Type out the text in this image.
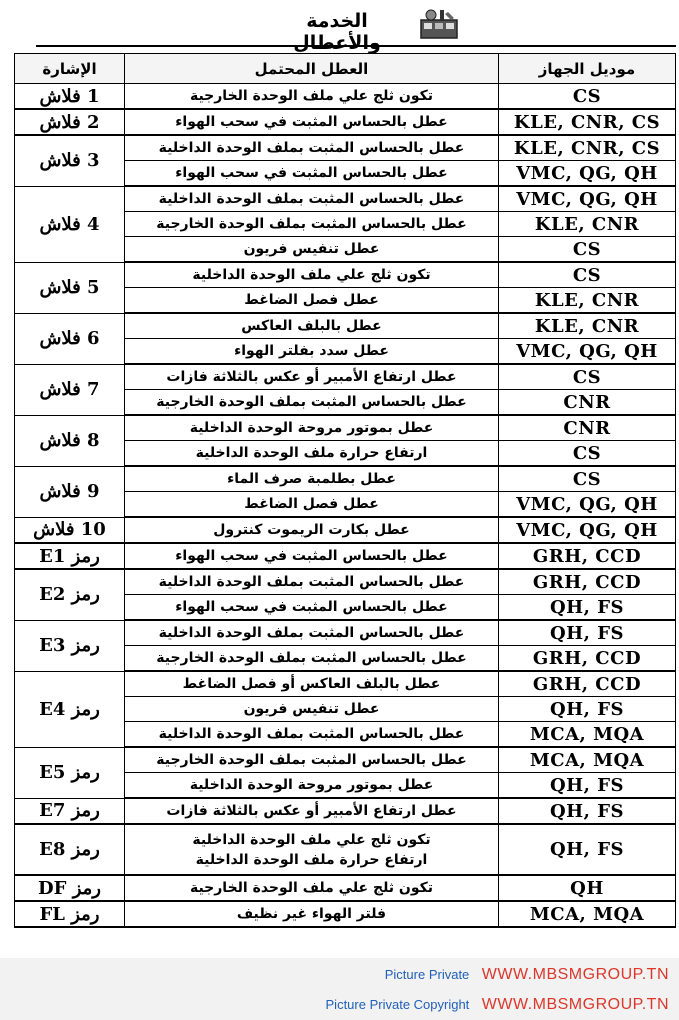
الخدمة والأعطال
الإشارة	العطل المحتمل	موديل الجهاز
1 فلاش	تكون ثلج علي ملف الوحدة الخارجية	CS
2 فلاش	عطل بالحساس المثبت في سحب الهواء	KLE, CNR, CS
3 فلاش	عطل بالحساس المثبت بملف الوحدة الداخلية	KLE, CNR, CS

	عطل بالحساس المثبت في سحب الهواء	VMC, QG, QH
4 فلاش	عطل بالحساس المثبت بملف الوحدة الداخلية	VMC, QG, QH

	عطل بالحساس المثبت بملف الوحدة الخارجية	KLE, CNR

	عطل تنفيس فريون	CS
5 فلاش	تكون ثلج علي ملف الوحدة الداخلية	CS

	عطل فصل الضاغط	KLE, CNR
6 فلاش	عطل بالبلف العاكس	KLE, CNR

	عطل سدد بفلتر الهواء	VMC, QG, QH
7 فلاش	عطل ارتفاع الأمبير أو عكس بالثلاثة فازات	CS

	عطل بالحساس المثبت بملف الوحدة الخارجية	CNR
8 فلاش	عطل بموتور مروحة الوحدة الداخلية	CNR

	ارتفاع حرارة ملف الوحدة الداخلية	CS
9 فلاش	عطل بطلمبة صرف الماء	CS

	عطل فصل الضاغط	VMC, QG, QH
10 فلاش	عطل بكارت الريموت كنترول	VMC, QG, QH
رمز E1	عطل بالحساس المثبت في سحب الهواء	GRH, CCD
رمز E2	عطل بالحساس المثبت بملف الوحدة الداخلية	GRH, CCD

	عطل بالحساس المثبت في سحب الهواء	QH, FS
رمز E3	عطل بالحساس المثبت بملف الوحدة الداخلية	QH, FS

	عطل بالحساس المثبت بملف الوحدة الخارجية	GRH, CCD
رمز E4	عطل بالبلف العاكس أو فصل الضاغط	GRH, CCD

	عطل تنفيس فريون	QH, FS

	عطل بالحساس المثبت بملف الوحدة الداخلية	MCA, MQA
رمز E5	عطل بالحساس المثبت بملف الوحدة الخارجية	MCA, MQA

	عطل بموتور مروحة الوحدة الداخلية	QH, FS
رمز E7	عطل ارتفاع الأمبير أو عكس بالثلاثة فازات	QH, FS
رمز E8	تكون ثلج علي ملف الوحدة الداخلية
ارتفاع حرارة ملف الوحدة الداخلية	QH, FS
رمز DF	تكون ثلج علي ملف الوحدة الخارجية	QH
رمز FL	فلتر الهواء غير نظيف	MCA, MQA
Picture Private WWW.MBSMGROUP.TN
Picture Private Copyright WWW.MBSMGROUP.TN
